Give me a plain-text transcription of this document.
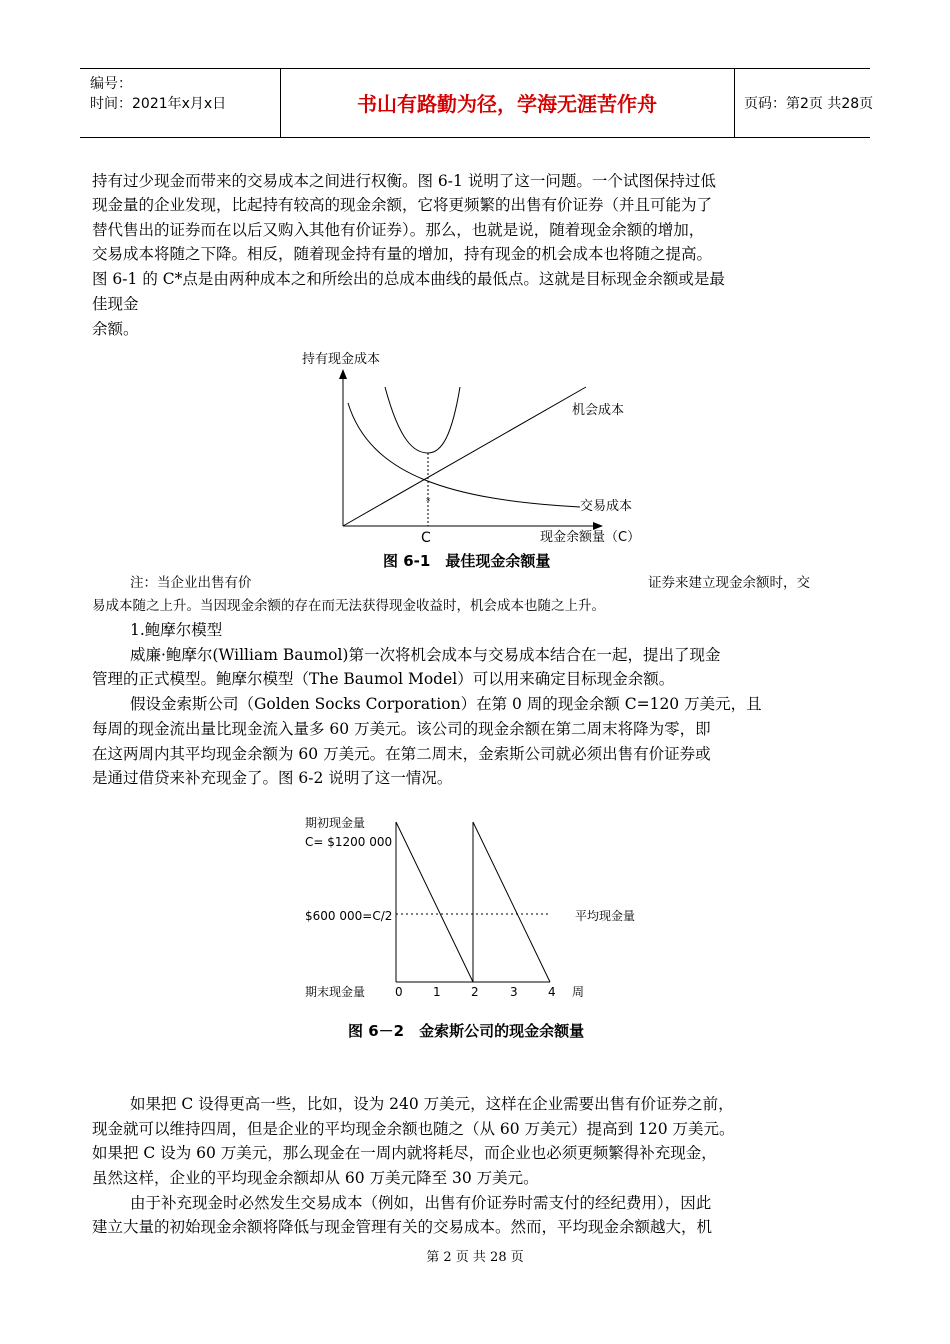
编号：
时间：2021年x月x日	书山有路勤为径，学海无涯苦作舟	页码：第2页 共28页
持有过少现金而带来的交易成本之间进行权衡。图 6-1 说明了这一问题。一个试图保持过低
现金量的企业发现，比起持有较高的现金余额，它将更频繁的出售有价证券（并且可能为了
替代售出的证券而在以后又购入其他有价证券）。那么，也就是说，随着现金余额的增加，
交易成本将随之下降。相反，随着现金持有量的增加，持有现金的机会成本也将随之提高。
图 6-1 的 C*点是由两种成本之和所绘出的总成本曲线的最低点。这就是目标现金余额或是最
佳现金
余额。
持有现金成本
*
C
机会成本
交易成本
现金余额量（C）
图 6-1　最佳现金余额量
注：当企业出售有价	证券来建立现金余额时，交
易成本随之上升。当因现金余额的存在而无法获得现金收益时，机会成本也随之上升。
1.鲍摩尔模型
威廉·鲍摩尔(William Baumol)第一次将机会成本与交易成本结合在一起，提出了现金
管理的正式模型。鲍摩尔模型（The Baumol Model）可以用来确定目标现金余额。
假设金索斯公司（Golden Socks Corporation）在第 0 周的现金余额 C=120 万美元，且
每周的现金流出量比现金流入量多 60 万美元。该公司的现金余额在第二周末将降为零，即
在这两周内其平均现金余额为 60 万美元。在第二周末，金索斯公司就必须出售有价证券或
是通过借贷来补充现金了。图 6-2 说明了这一情况。
期初现金量
C= $1200 000
$600 000=C/2
期末现金量
平均现金量
0	1	2	3	4 周
图 6－2　金索斯公司的现金余额量
如果把 C 设得更高一些，比如，设为 240 万美元，这样在企业需要出售有价证券之前，
现金就可以维持四周，但是企业的平均现金余额也随之（从 60 万美元）提高到 120 万美元。
如果把 C 设为 60 万美元，那么现金在一周内就将耗尽，而企业也必须更频繁得补充现金，
虽然这样，企业的平均现金余额却从 60 万美元降至 30 万美元。
由于补充现金时必然发生交易成本（例如，出售有价证券时需支付的经纪费用），因此
建立大量的初始现金余额将降低与现金管理有关的交易成本。然而，平均现金余额越大，机
第 2 页 共 28 页
